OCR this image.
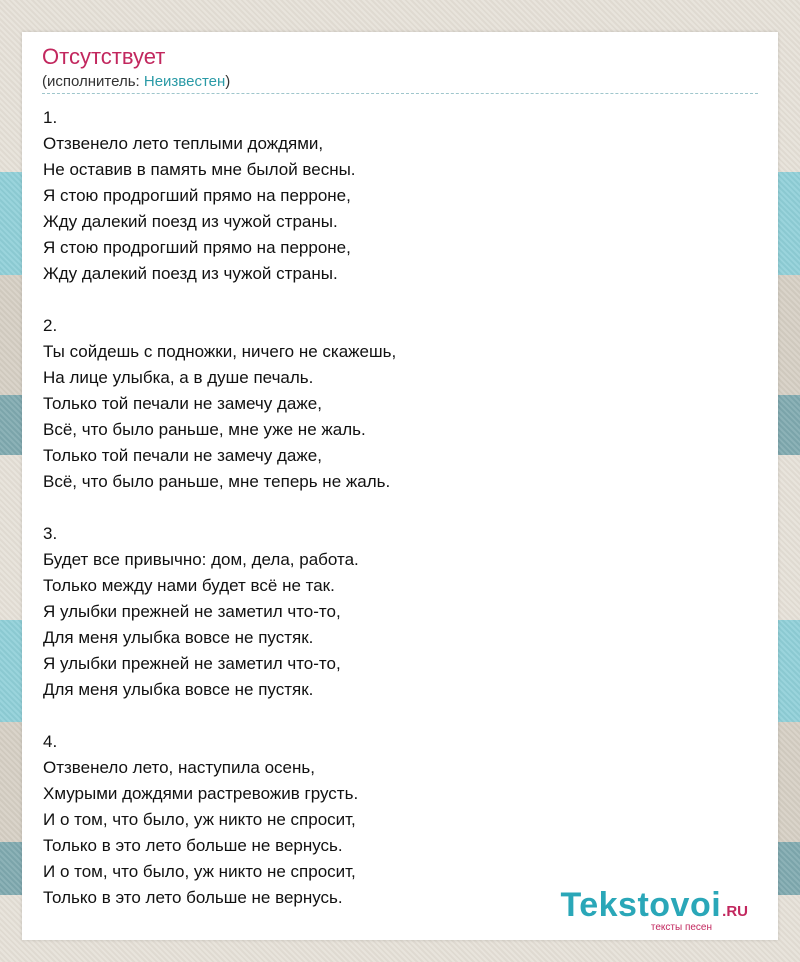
Отсутствует
(исполнитель: Неизвестен)
1.
Отзвенело лето теплыми дождями,
Не оставив в память мне былой весны.
Я стою продрогший прямо на перроне,
Жду далекий поезд из чужой страны.
Я стою продрогший прямо на перроне,
Жду далекий поезд из чужой страны.
2.
Ты сойдешь с подножки, ничего не скажешь,
На лице улыбка, а в душе печаль.
Только той печали не замечу даже,
Всё, что было раньше, мне уже не жаль.
Только той печали не замечу даже,
Всё, что было раньше, мне теперь не жаль.
3.
Будет все привычно: дом, дела, работа.
Только между нами будет всё не так.
Я улыбки прежней не заметил что-то,
Для меня улыбка вовсе не пустяк.
Я улыбки прежней не заметил что-то,
Для меня улыбка вовсе не пустяк.
4.
Отзвенело лето, наступила осень,
Хмурыми дождями растревожив грусть.
И о том, что было, уж никто не спросит,
Только в это лето больше не вернусь.
И о том, что было, уж никто не спросит,
Только в это лето больше не вернусь.	Tekstovoi.RU
тексты песен
